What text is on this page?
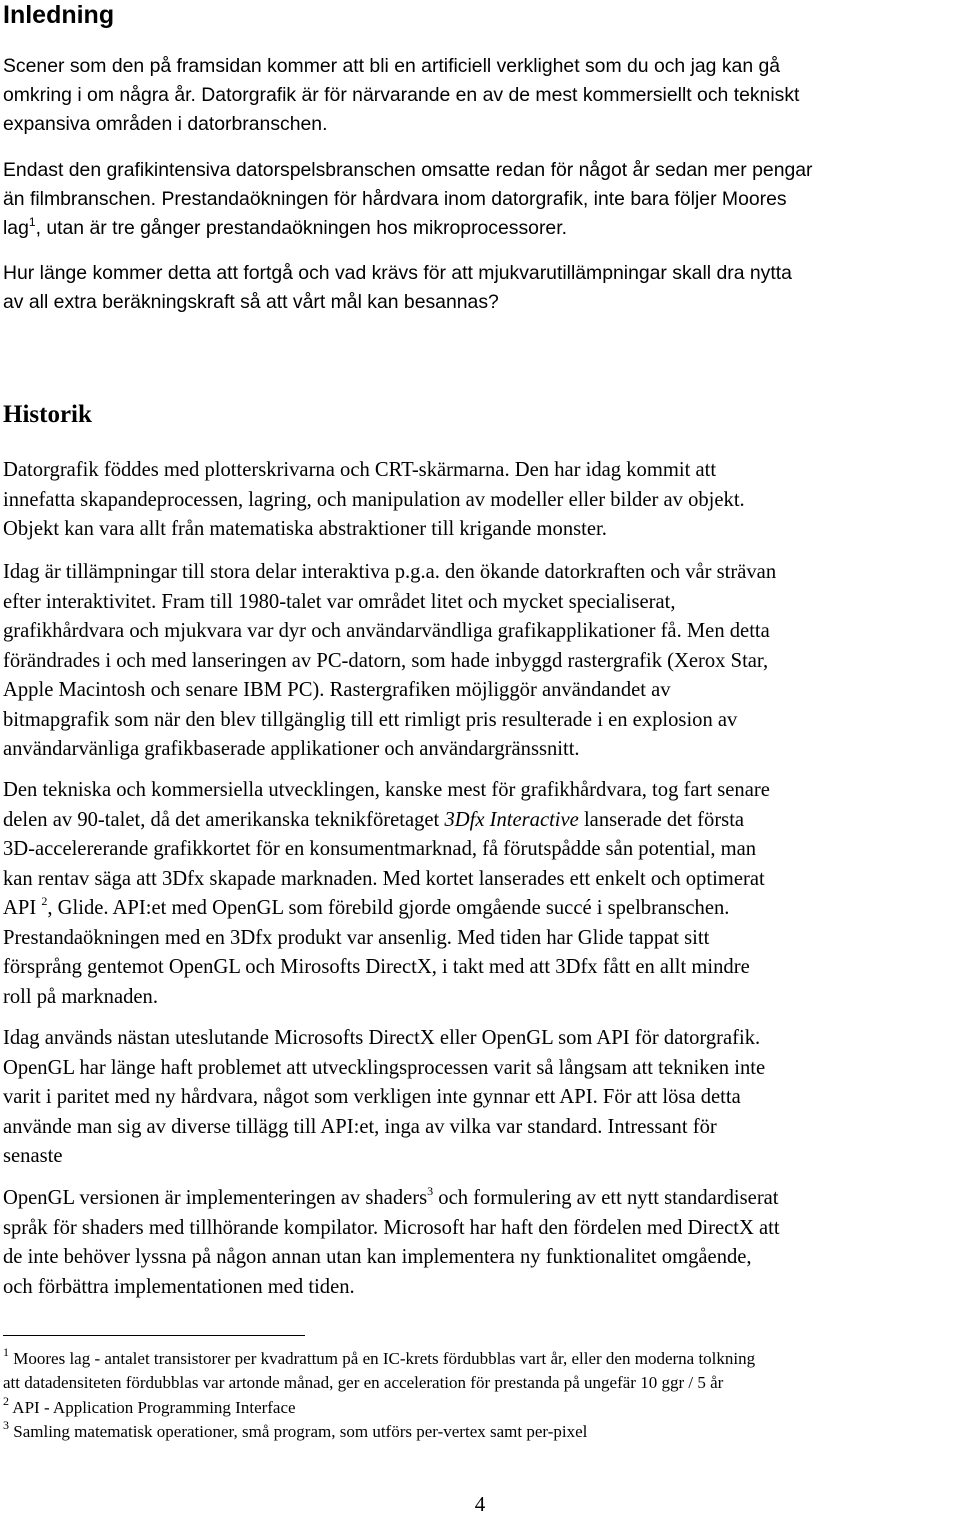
Inledning

Scener som den på framsidan kommer att bli en artificiell verklighet som du och jag kan gå
omkring i om några år. Datorgrafik är för närvarande en av de mest kommersiellt och tekniskt
expansiva områden i datorbranschen.

Endast den grafikintensiva datorspelsbranschen omsatte redan för något år sedan mer pengar
än filmbranschen. Prestandaökningen för hårdvara inom datorgrafik, inte bara följer Moores
lag$^1$, utan är tre gånger prestandaökningen hos mikroprocessorer.

Hur länge kommer detta att fortgå och vad krävs för att mjukvarutillämpningar skall dra nytta
av all extra beräkningskraft så att vårt mål kan besannas?

Historik

Datorgrafik föddes med plotterskrivarna och CRT-skärmarna. Den har idag kommit att
innefatta skapandeprocessen, lagring, och manipulation av modeller eller bilder av objekt.
Objekt kan vara allt från matematiska abstraktioner till krigande monster.

Idag är tillämpningar till stora delar interaktiva p.g.a. den ökande datorkraften och vår strävan
efter interaktivitet. Fram till 1980-talet var området litet och mycket specialiserat,
grafikhårdvara och mjukvara var dyr och användarvändliga grafikapplikationer få. Men detta
förändrades i och med lanseringen av PC-datorn, som hade inbyggd rastergrafik (Xerox Star,
Apple Macintosh och senare IBM PC). Rastergrafiken möjliggör användandet av
bitmapgrafik som när den blev tillgänglig till ett rimligt pris resulterade i en explosion av
användarvänliga grafikbaserade applikationer och användargränssnitt.

Den tekniska och kommersiella utvecklingen, kanske mest för grafikhårdvara, tog fart senare
delen av 90-talet, då det amerikanska teknikföretaget 3Dfx Interactive lanserade det första
3D-accelererande grafikkortet för en konsumentmarknad, få förutspådde sån potential, man
kan rentav säga att 3Dfx skapade marknaden. Med kortet lanserades ett enkelt och optimerat
API $^2$, Glide. API:et med OpenGL som förebild gjorde omgående succé i spelbranschen.
Prestandaökningen med en 3Dfx produkt var ansenlig. Med tiden har Glide tappat sitt
försprång gentemot OpenGL och Mirosofts DirectX, i takt med att 3Dfx fått en allt mindre
roll på marknaden.

Idag används nästan uteslutande Microsofts DirectX eller OpenGL som API för datorgrafik.
OpenGL har länge haft problemet att utvecklingsprocessen varit så långsam att tekniken inte
varit i paritet med ny hårdvara, något som verkligen inte gynnar ett API. För att lösa detta
använde man sig av diverse tillägg till API:et, inga av vilka var standard. Intressant för
senaste

OpenGL versionen är implementeringen av shaders$^3$ och formulering av ett nytt standardiserat
språk för shaders med tillhörande kompilator. Microsoft har haft den fördelen med DirectX att
de inte behöver lyssna på någon annan utan kan implementera ny funktionalitet omgående,
och förbättra implementationen med tiden.

$^1$ Moores lag - antalet transistorer per kvadrattum på en IC-krets fördubblas vart år, eller den moderna tolkning
att datadensiteten fördubblas var artonde månad, ger en acceleration för prestanda på ungefär 10 ggr / 5 år

$^2$ API - Application Programming Interface

$^3$ Samling matematisk operationer, små program, som utförs per-vertex samt per-pixel

4
